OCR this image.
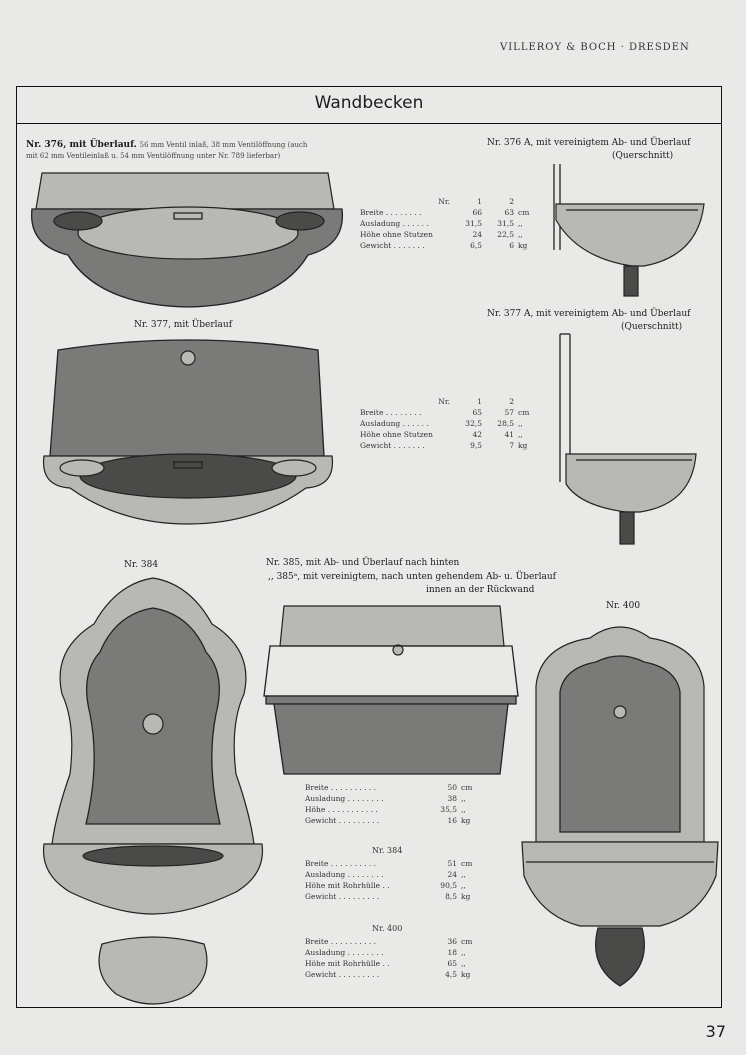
VILLEROY & BOCH · DRESDEN
Wandbecken
Nr. 376, mit Überlauf. 56 mm Ventil inlaß, 38 mm Ventilöffnung (auch
mit 62 mm Ventileinlaß u. 54 mm Ventilöffnung unter Nr. 789 lieferbar)
Nr.	1	2	
Breite . . . . . . . .	66	63	cm
Ausladung . . . . . .	31,5	31,5	,,
Höhe ohne Stutzen	24	22,5	,,
Gewicht . . . . . . .	6,5	6	kg
Nr. 376 A, mit vereinigtem Ab- und Überlauf
(Querschnitt)
Nr. 377, mit Überlauf
Nr.	1	2	
Breite . . . . . . . .	65	57	cm
Ausladung . . . . . .	32,5	28,5	,,
Höhe ohne Stutzen	42	41	,,
Gewicht . . . . . . .	9,5	7	kg
Nr. 377 A, mit vereinigtem Ab- und Überlauf
(Querschnitt)
Nr. 384	Nr. 385, mit Ab- und Überlauf nach hinten
,, 385ᵃ, mit vereinigtem, nach unten gehendem Ab- u. Überlauf
innen an der Rückwand
Breite . . . . . . . . . .	50	cm
Ausladung . . . . . . . .	38	,,
Höhe . . . . . . . . . . .	35,5	,,
Gewicht . . . . . . . . .	16	kg
Nr. 384
Breite . . . . . . . . . .	51	cm
Ausladung . . . . . . . .	24	,,
Höhe mit Rohrhülle . .	90,5	,,
Gewicht . . . . . . . . .	8,5	kg
Nr. 400
Breite . . . . . . . . . .	36	cm
Ausladung . . . . . . . .	18	,,
Höhe mit Rohrhülle . .	65	,,
Gewicht . . . . . . . . .	4,5	kg
Nr. 400
37
